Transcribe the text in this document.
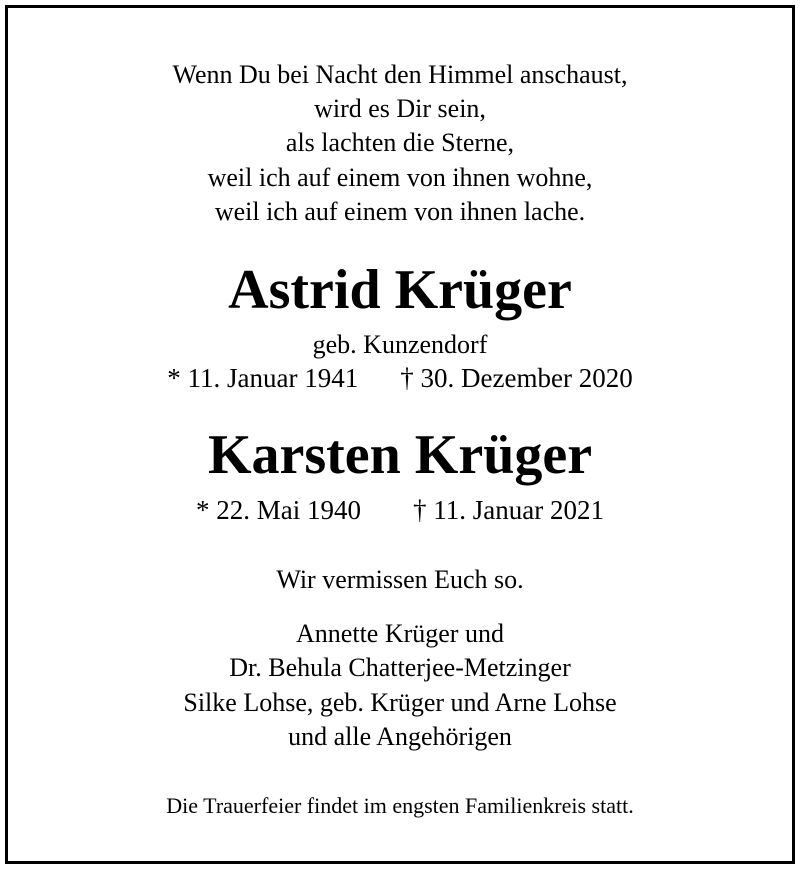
Wenn Du bei Nacht den Himmel anschaust,
wird es Dir sein,
als lachten die Sterne,
weil ich auf einem von ihnen wohne,
weil ich auf einem von ihnen lache.
Astrid Krüger
geb. Kunzendorf
* 11. Januar 1941 † 30. Dezember 2020
Karsten Krüger
* 22. Mai 1940 † 11. Januar 2021
Wir vermissen Euch so.
Annette Krüger und
Dr. Behula Chatterjee-Metzinger
Silke Lohse, geb. Krüger und Arne Lohse
und alle Angehörigen
Die Trauerfeier findet im engsten Familienkreis statt.
